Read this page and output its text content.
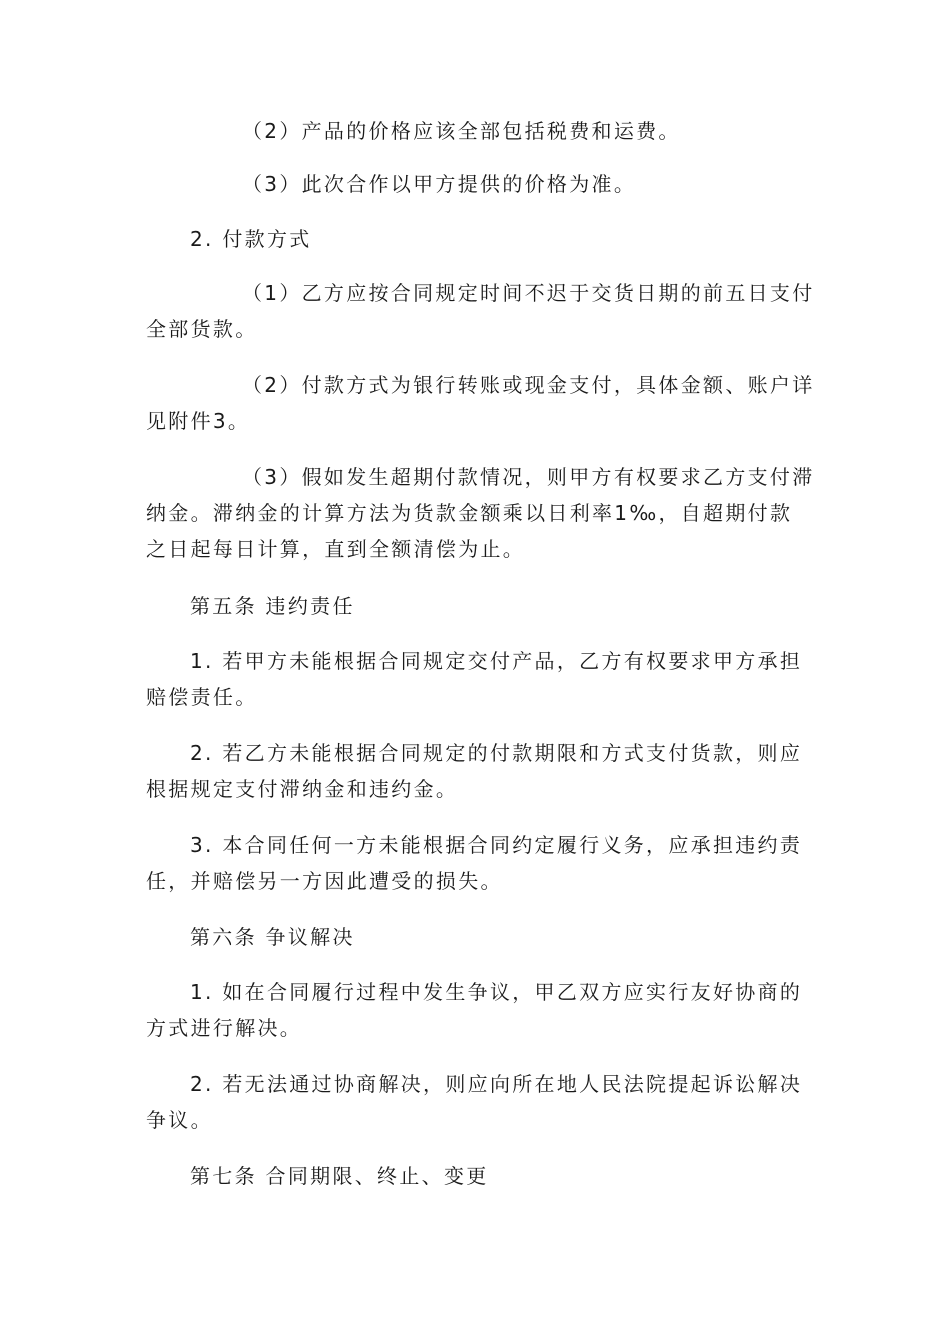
（2）产品的价格应该全部包括税费和运费。

（3）此次合作以甲方提供的价格为准。

2. 付款方式

（1）乙方应按合同规定时间不迟于交货日期的前五日支付
全部货款。

（2）付款方式为银行转账或现金支付，具体金额、账户详
见附件3。

（3）假如发生超期付款情况，则甲方有权要求乙方支付滞
纳金。滞纳金的计算方法为货款金额乘以日利率1‰，自超期付款
之日起每日计算，直到全额清偿为止。

第五条 违约责任

1. 若甲方未能根据合同规定交付产品，乙方有权要求甲方承担
赔偿责任。

2. 若乙方未能根据合同规定的付款期限和方式支付货款，则应
根据规定支付滞纳金和违约金。

3. 本合同任何一方未能根据合同约定履行义务，应承担违约责
任，并赔偿另一方因此遭受的损失。

第六条 争议解决

1. 如在合同履行过程中发生争议，甲乙双方应实行友好协商的
方式进行解决。

2. 若无法通过协商解决，则应向所在地人民法院提起诉讼解决
争议。

第七条 合同期限、终止、变更
